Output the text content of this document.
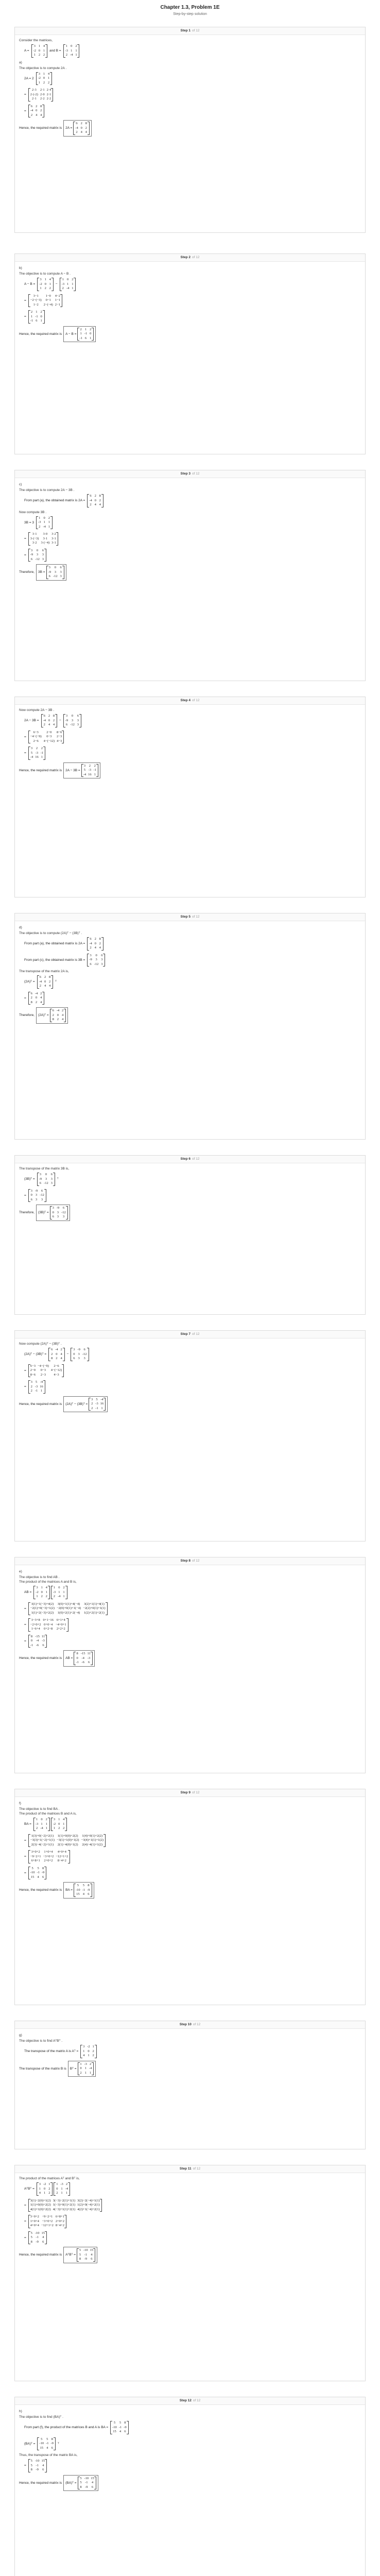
Chapter 1.3, Problem 1E
Step-by-step solution
Step 1 of 12
Consider the matrices,
A =
3 1 4
-2 0 1
1 2 2
and B =
1 0 2
-3 1 1
2 -4 1
a)
The objective is to compute 2A .
2A = 2
3 1 4
-2 0 1
1 2 2
=
2·3	2·1 2·4
2·(-2) 2·0 2·1
2·1	2·2 2·2
=
6 2 8
-4 0 2
2 4 4
Hence, the required matrix is 2A =
6 2 8
-4 0 2
2 4 4
Step 2 of 12
b)
The objective is to compute A − B .
A − B =
3 1 4
-2 0 1
1 2 2
−
1 0 2
-3 1 1
2 -4 1
=
3−1	1−0	4−2
−2−(−3)	0−1	1−1
1−2	2−(−4) 2−1
=
2 1 2
1 -1 0
-1 6 1
Hence, the required matrix is A − B =
2 1 2
1 -1 0
-1 6 1
Step 3 of 12
c)
The objective is to compute 2A − 3B .
From part (a), the obtained matrix is 2A =
6 2 8
-4 0 2
2 4 4
Now compute 3B .
3B = 3
1 0 2
-3 1 1
2 -4 1
=
3·1	3·0	3·2
3·(−3)	3·1	3·1
3·2	3·(−4) 3·1
=
3	0	6
-9	3	3
6 -12 3
Therefore, 3B =
3	0	6
-9	3	3
6 -12 3
Step 4 of 12
Now compute 2A − 3B .
2A − 3B =
6 2 8
-4 0 2
2 4 4
−
3	0	6
-9	3	3
6 -12 3
=
6−3	2−0	8−6
−4−(−9)	0−3	2−3
2−6	4−(−12) 4−3
=
3 2 2
5 -3 -1
-4 16 1
Hence, the required matrix is 2A − 3B =
3 2 2
5 -3 -1
-4 16 1
Step 5 of 12
d)
The objective is to compute (2A)ᵀ − (3B)ᵀ .
From part (a), the obtained matrix is 2A =
6 2 8
-4 0 2
2 4 4
From part (c), the obtained matrix is 3B =
3	0	6
-9	3	3
6 -12 3
The transpose of the matrix 2A is,
(2A)ᵀ =
6 2 8
-4 0 2
2 4 4
ᵀ
=
6 -4 2
2 0 4
8 2 4
Therefore, (2A)ᵀ =
6 -4 2
2 0 4
8 2 4
Step 6 of 12
The transpose of the matrix 3B is,
(3B)ᵀ =
3	0	6
-9	3	3
6 -12 3
ᵀ
=
3 -9	6
0 3 -12
6 3	3
Therefore, (3B)ᵀ =
3 -9	6
0 3 -12
6 3	3
Step 7 of 12
Now compute (2A)ᵀ − (3B)ᵀ .
(2A)ᵀ − (3B)ᵀ =
6 -4 2
2 0 4
8 2 4
−
3 -9	6
0 3 -12
6 3	3
=
6−3 −4−(−9)	2−6
2−0	0−3	4−(−12)
8−6	2−3	4−3
=
3 5 -4
2 -3 16
2 -1 1
Hence, the required matrix is (2A)ᵀ − (3B)ᵀ =
3 5 -4
2 -3 16
2 -1 1
Step 8 of 12
e)
The objective is to find AB .
The product of the matrices A and B is,
AB =
3 1 4
-2 0 1
1 2 2
1 0 2
-3 1 1
2 -4 1
=
3(1)+1(−3)+4(2) 3(0)+1(1)+4(−4) 3(2)+1(1)+4(1)
−2(1)+0(−3)+1(2) −2(0)+0(1)+1(−4) −2(2)+0(1)+1(1)
1(1)+2(−3)+2(2) 1(0)+2(1)+2(−4) 1(2)+2(1)+2(1)
=
3−3+8 0+1−16 6+1+4
−2+0+2 0+0−4 −4+0+1
1−6+4 0+2−8 2+2+2
=
8 -15 11
0 -4 -3
-1 -6 6
Hence, the required matrix is AB =
8 -15 11
0 -4 -3
-1 -6 6
Step 9 of 12
f)
The objective is to find BA .
The product of the matrices B and A is,
BA =
1 0 2
-3 1 1
2 -4 1
3 1 4
-2 0 1
1 2 2
=
1(3)+0(−2)+2(1) 1(1)+0(0)+2(2) 1(4)+0(1)+2(2)
−3(3)+1(−2)+1(1) −3(1)+1(0)+1(2) −3(4)+1(1)+1(2)
2(3)−4(−2)+1(1) 2(1)−4(0)+1(2) 2(4)−4(1)+1(2)
=
3+0+2 1+0+4	4+0+4
−9−2+1 −3+0+2 −12+1+2
6+8+1 2+0+2	8−4+2
=
5	5 8
-10 -1 -9
15 4 6
Hence, the required matrix is BA =
5	5 8
-10 -1 -9
15 4 6
Step 10 of 12
g)
The objective is to find AᵀBᵀ .
The transpose of the matrix A is Aᵀ =
3 -2 1
1 0 2
4 1 2
The transpose of the matrix B is Bᵀ =
1 -3 2
0 1 -4
2 1 1
Step 11 of 12
The product of the matrices Aᵀ and Bᵀ is,
AᵀBᵀ =
3 -2 1
1 0 2
4 1 2
1 -3 2
0 1 -4
2 1 1
=
3(1)−2(0)+1(2) 3(−3)−2(1)+1(1) 3(2)−2(−4)+1(1)
1(1)+0(0)+2(2) 1(−3)+0(1)+2(1) 1(2)+0(−4)+2(1)
4(1)+1(0)+2(2) 4(−3)+1(1)+2(1) 4(2)+1(−4)+2(1)
=
3−0+2 −9−2+1 6+8+1
1+0+4 −3+0+2 2+0+2
4+0+4 −12+1+2 8−4+2
=
5 -10 15
5 -1 4
8 -9 6
Hence, the required matrix is AᵀBᵀ =
5 -10 15
5 -1 4
8 -9 6
Step 12 of 12
h)
The objective is to find (BA)ᵀ .
From part (f), the product of the matrices B and A is BA =
5	5 8
-10 -1 -9
15 4 6
(BA)ᵀ =
5	5 8
-10 -1 -9
15 4 6
ᵀ
Thus, the transpose of the matrix BA is,
=
5 -10 15
5 -1 4
8 -9 6
Hence, the required matrix is (BA)ᵀ =
5 -10 15
5 -1 4
8 -9 6
